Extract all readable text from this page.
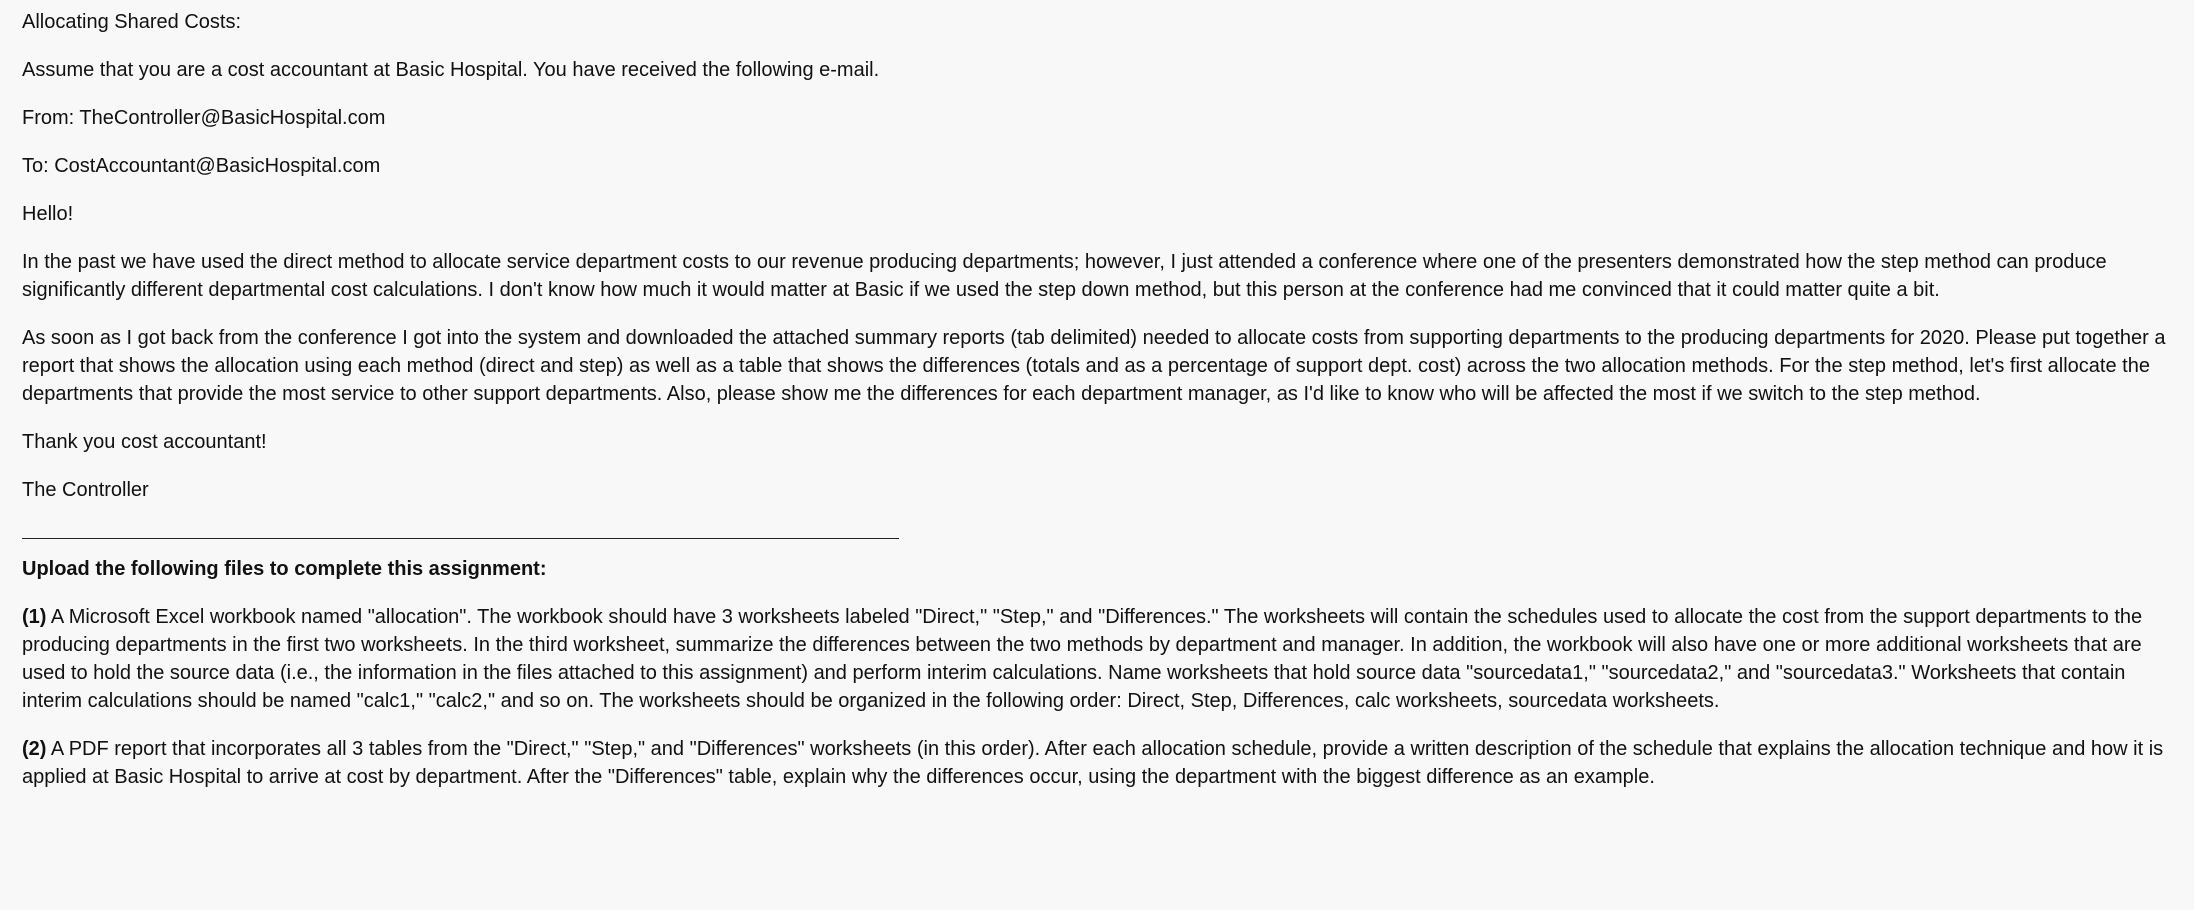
Allocating Shared Costs:

Assume that you are a cost accountant at Basic Hospital. You have received the following e-mail.

From: TheController@BasicHospital.com

To: CostAccountant@BasicHospital.com

Hello!

In the past we have used the direct method to allocate service department costs to our revenue producing departments; however, I just attended a conference where one of the presenters demonstrated how the step method can produce significantly different departmental cost calculations. I don't know how much it would matter at Basic if we used the step down method, but this person at the conference had me convinced that it could matter quite a bit.

As soon as I got back from the conference I got into the system and downloaded the attached summary reports (tab delimited) needed to allocate costs from supporting departments to the producing departments for 2020. Please put together a report that shows the allocation using each method (direct and step) as well as a table that shows the differences (totals and as a percentage of support dept. cost) across the two allocation methods. For the step method, let's first allocate the departments that provide the most service to other support departments. Also, please show me the differences for each department manager, as I'd like to know who will be affected the most if we switch to the step method.

Thank you cost accountant!

The Controller

Upload the following files to complete this assignment:

(1) A Microsoft Excel workbook named "allocation". The workbook should have 3 worksheets labeled "Direct," "Step," and "Differences." The worksheets will contain the schedules used to allocate the cost from the support departments to the producing departments in the first two worksheets. In the third worksheet, summarize the differences between the two methods by department and manager. In addition, the workbook will also have one or more additional worksheets that are used to hold the source data (i.e., the information in the files attached to this assignment) and perform interim calculations. Name worksheets that hold source data "sourcedata1," "sourcedata2," and "sourcedata3." Worksheets that contain interim calculations should be named "calc1," "calc2," and so on. The worksheets should be organized in the following order: Direct, Step, Differences, calc worksheets, sourcedata worksheets.

(2) A PDF report that incorporates all 3 tables from the "Direct," "Step," and "Differences" worksheets (in this order). After each allocation schedule, provide a written description of the schedule that explains the allocation technique and how it is applied at Basic Hospital to arrive at cost by department. After the "Differences" table, explain why the differences occur, using the department with the biggest difference as an example.
